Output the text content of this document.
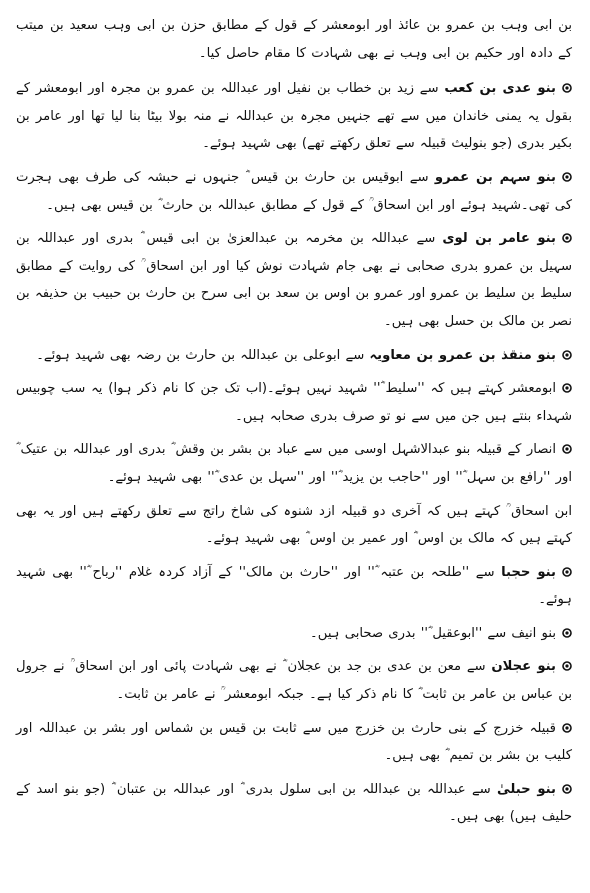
بن ابی وہب بن عمرو بن عائذ اور ابومعشر کے قول کے مطابق حزن بن ابی وہب سعید بن میتب کے دادہ اور حکیم بن ابی وہب نے بھی شہادت کا مقام حاصل کیا۔

بنو عدی بن کعب سے زید بن خطاب بن نفیل اور عبداللہ بن عمرو بن مجرہ اور ابومعشر کے بقول یہ یمنی خاندان میں سے تھے جنہیں مجرہ بن عبداللہ نے منہ بولا بیٹا بنا لیا تھا اور عامر بن بکیر بدری (جو بنولیث قبیلہ سے تعلق رکھتے تھے) بھی شہید ہوئے۔

بنو سہم بن عمرو سے ابوقیس بن حارث بن قیس ؓ جنہوں نے حبشہ کی طرف بھی ہجرت کی تھی۔شہید ہوئے اور ابن اسحاق ؒ کے قول کے مطابق عبداللہ بن حارث ؓ بن قیس بھی ہیں۔

بنو عامر بن لوی سے عبداللہ بن مخرمہ بن عبدالعزیٰ بن ابی قیس ؓ بدری اور عبداللہ بن سہیل بن عمرو بدری صحابی نے بھی جام شہادت نوش کیا اور ابن اسحاق ؒ کی روایت کے مطابق سلیط بن سلیط بن عمرو اور عمرو بن اوس بن سعد بن ابی سرح بن حارث بن حبیب بن حذیفہ بن نصر بن مالک بن حسل بھی ہیں۔

بنو منقذ بن عمرو بن معاویہ سے ابوعلی بن عبداللہ بن حارث بن رضہ بھی شہید ہوئے۔

ابومعشر کہتے ہیں کہ ''سلیط ؓ'' شہید نہیں ہوئے۔(اب تک جن کا نام ذکر ہوا) یہ سب چوبیس شہداء بنتے ہیں جن میں سے نو تو صرف بدری صحابہ ہیں۔

انصار کے قبیلہ بنو عبدالاشہل اوسی میں سے عباد بن بشر بن وقش ؓ بدری اور عبداللہ بن عتیک ؓ اور ''رافع بن سہل ؓ'' اور ''حاجب بن یزید ؓ'' اور ''سہل بن عدی ؓ'' بھی شہید ہوئے۔

ابن اسحاق ؒ کہتے ہیں کہ آخری دو قبیلہ ازد شنوہ کی شاخ راتج سے تعلق رکھتے ہیں اور یہ بھی کہتے ہیں کہ مالک بن اوس ؓ اور عمیر بن اوس ؓ بھی شہید ہوئے۔

بنو حجبا سے ''طلحہ بن عتبہ ؓ'' اور ''حارث بن مالک'' کے آزاد کردہ غلام ''رباح ؓ'' بھی شہید ہوئے۔

بنو انیف سے ''ابوعقیل ؓ'' بدری صحابی ہیں۔

بنو عجلان سے معن بن عدی بن جد بن عجلان ؓ نے بھی شہادت پائی اور ابن اسحاق ؒ نے جرول بن عباس بن عامر بن ثابت ؓ کا نام ذکر کیا ہے۔ جبکہ ابومعشر ؒ نے عامر بن ثابت۔

قبیلہ خزرج کے بنی حارث بن خزرج میں سے ثابت بن قیس بن شماس اور بشر بن عبداللہ اور کلیب بن بشر بن تمیم ؓ بھی ہیں۔

بنو حبلیٰ سے عبداللہ بن عبداللہ بن ابی سلول بدری ؓ اور عبداللہ بن عتبان ؓ (جو بنو اسد کے حلیف ہیں) بھی ہیں۔
